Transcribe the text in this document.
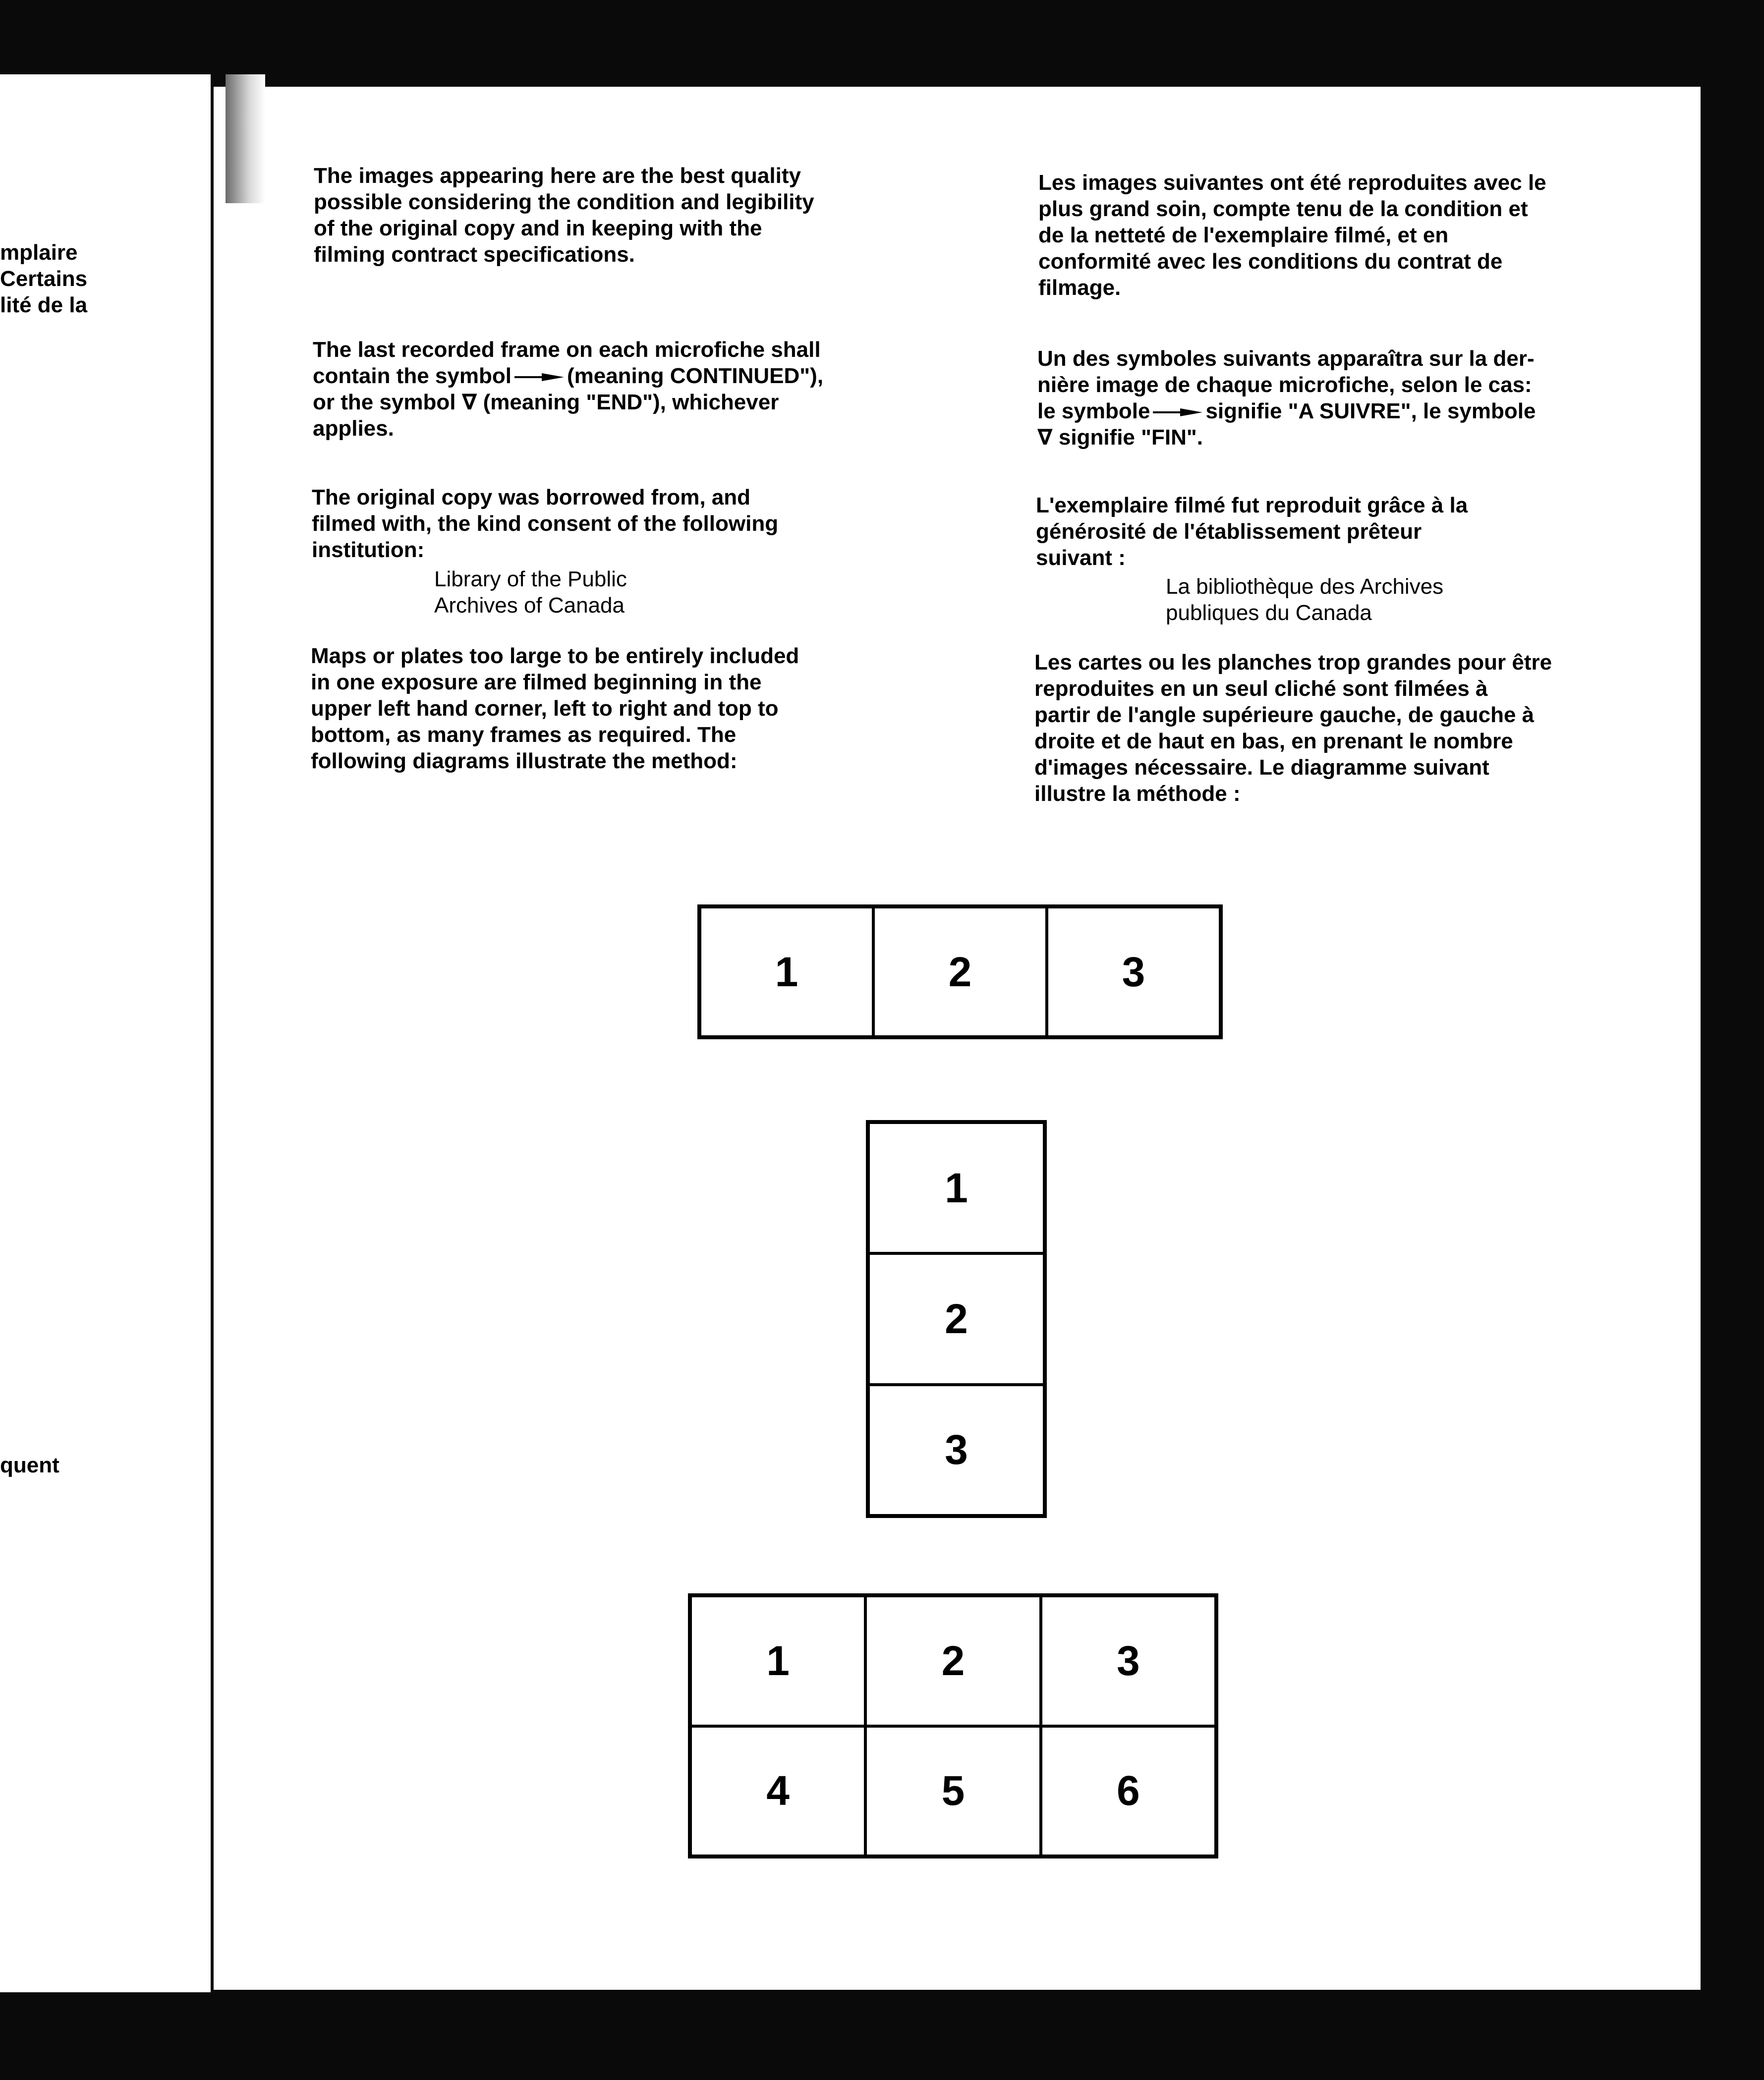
mplaire

Certains

lité de la

quent

The images appearing here are the best quality

possible considering the condition and legibility

of the original copy and in keeping with the

filming contract specifications.

The last recorded frame on each microfiche shall

contain the symbol	(meaning CONTINUED"),

or the symbol ∇ (meaning "END"), whichever

applies.

The original copy was borrowed from, and

filmed with, the kind consent of the following

institution:

Library of the Public

Archives of Canada

Maps or plates too large to be entirely included

in one exposure are filmed beginning in the

upper left hand corner, left to right and top to

bottom, as many frames as required. The

following diagrams illustrate the method:

Les images suivantes ont été reproduites avec le

plus grand soin, compte tenu de la condition et

de la netteté de l'exemplaire filmé, et en

conformité avec les conditions du contrat de

filmage.

Un des symboles suivants apparaîtra sur la der-

nière image de chaque microfiche, selon le cas:

le symbole	signifie "A SUIVRE", le symbole

∇ signifie "FIN".

L'exemplaire filmé fut reproduit grâce à la

générosité de l'établissement prêteur

suivant :

La bibliothèque des Archives

publiques du Canada

Les cartes ou les planches trop grandes pour être

reproduites en un seul cliché sont filmées à

partir de l'angle supérieure gauche, de gauche à

droite et de haut en bas, en prenant le nombre

d'images nécessaire. Le diagramme suivant

illustre la méthode :

1	2	3
1
2
3
1	2	3
4	5	6
